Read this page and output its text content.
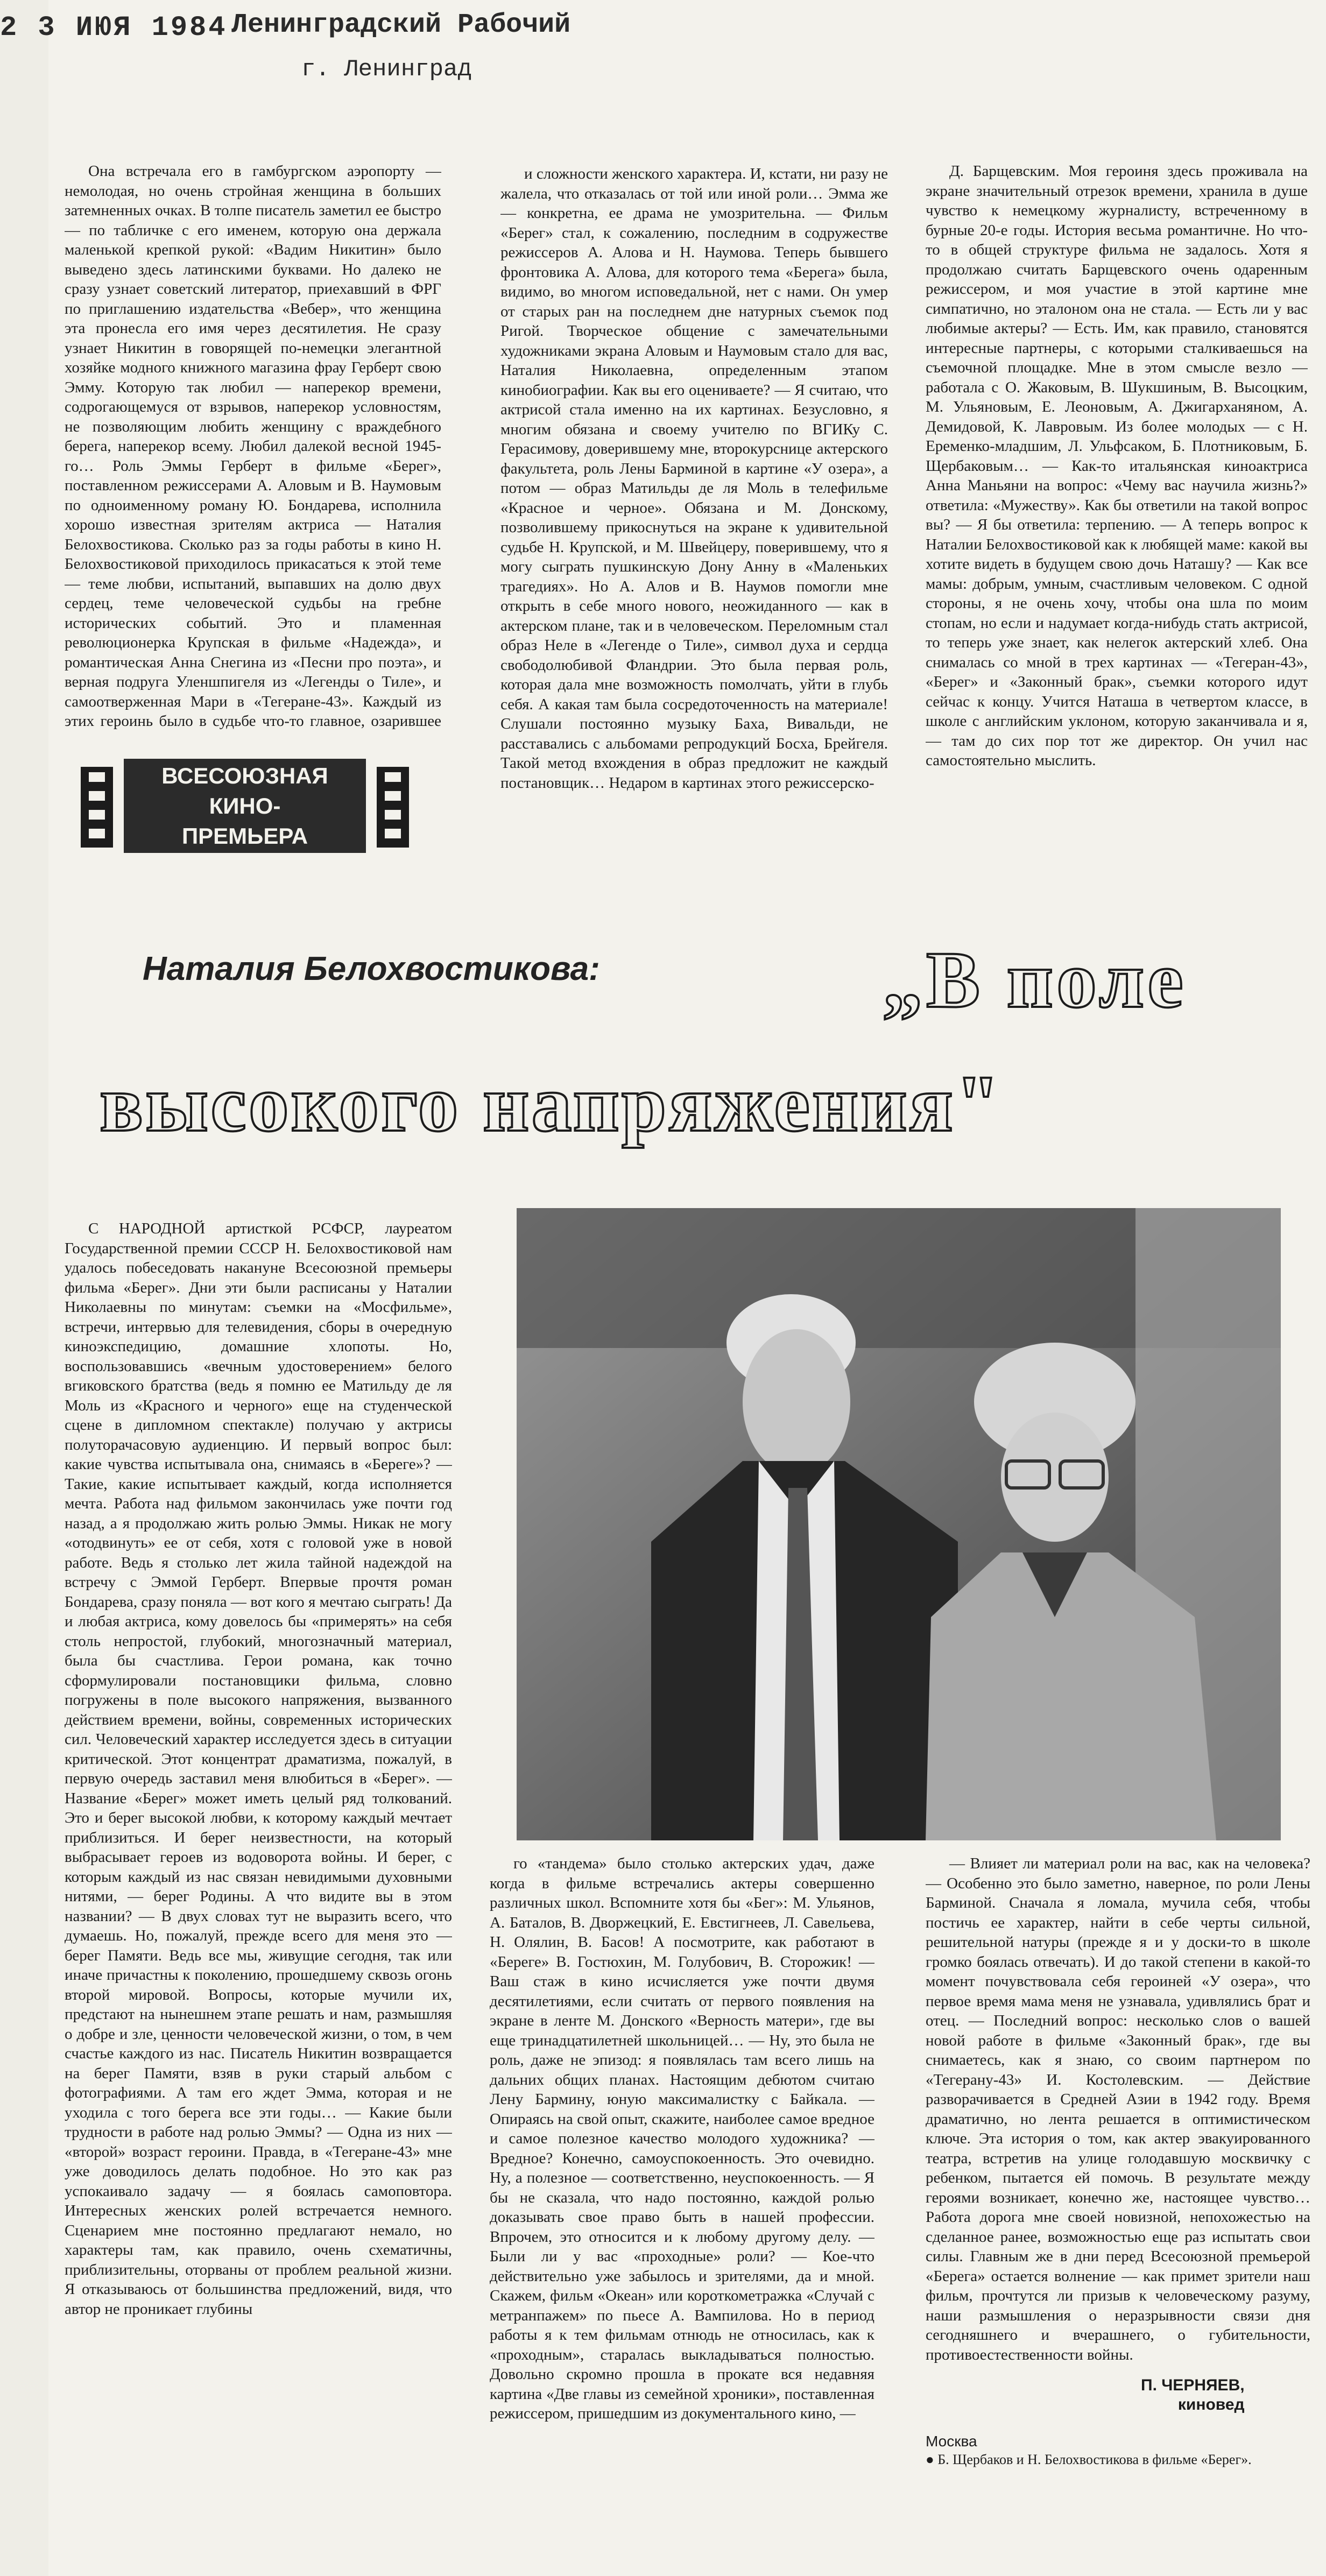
2 3 ИЮЯ 1984 Ленинградский Рабочий
г. Ленинград

Она встречала его в гамбургском аэропорту — немолодая, но очень стройная женщина в больших затемненных очках. В толпе писатель заметил ее быстро — по табличке с его именем, которую она держала маленькой крепкой рукой: «Вадим Никитин» было выведено здесь латинскими буквами. Но далеко не сразу узнает советский литератор, приехавший в ФРГ по приглашению издательства «Вебер», что женщина эта пронесла его имя через десятилетия. Не сразу узнает Никитин в говорящей по-немецки элегантной хозяйке модного книжного магазина фрау Герберт свою Эмму. Которую так любил — наперекор времени, содрогающемуся от взрывов, наперекор условностям, не позволяющим любить женщину с враждебного берега, наперекор всему. Любил далекой весной 1945-го… Роль Эммы Герберт в фильме «Берег», поставленном режиссерами А. Аловым и В. Наумовым по одноименному роману Ю. Бондарева, исполнила хорошо известная зрителям актриса — Наталия Белохвостикова. Сколько раз за годы работы в кино Н. Белохвостиковой приходилось прикасаться к этой теме — теме любви, испытаний, выпавших на долю двух сердец, теме человеческой судьбы на гребне исторических событий. Это и пламенная революционерка Крупская в фильме «Надежда», и романтическая Анна Снегина из «Песни про поэта», и верная подруга Уленшпигеля из «Легенды о Тиле», и самоотверженная Мари в «Тегеране-43». Каждый из этих героинь было в судьбе что-то главное, озарившее

и сложности женского характера. И, кстати, ни разу не жалела, что отказалась от той или иной роли… Эмма же — конкретна, ее драма не умозрительна. — Фильм «Берег» стал, к сожалению, последним в содружестве режиссеров А. Алова и Н. Наумова. Теперь бывшего фронтовика А. Алова, для которого тема «Берега» была, видимо, во многом исповедальной, нет с нами. Он умер от старых ран на последнем дне натурных съемок под Ригой. Творческое общение с замечательными художниками экрана Аловым и Наумовым стало для вас, Наталия Николаевна, определенным этапом кинобиографии. Как вы его оцениваете? — Я считаю, что актрисой стала именно на их картинах. Безусловно, я многим обязана и своему учителю по ВГИКу С. Герасимову, доверившему мне, второкурснице актерского факультета, роль Лены Барминой в картине «У озера», а потом — образ Матильды де ля Моль в телефильме «Красное и черное». Обязана и М. Донскому, позволившему прикоснуться на экране к удивительной судьбе Н. Крупской, и М. Швейцеру, поверившему, что я могу сыграть пушкинскую Дону Анну в «Маленьких трагедиях». Но А. Алов и В. Наумов помогли мне открыть в себе много нового, неожиданного — как в актерском плане, так и в человеческом. Переломным стал образ Неле в «Легенде о Тиле», символ духа и сердца свободолюбивой Фландрии. Это была первая роль, которая дала мне возможность помолчать, уйти в глубь себя. А какая там была сосредоточенность на материале! Слушали постоянно музыку Баха, Вивальди, не расставались с альбомами репродукций Босха, Брейгеля. Такой метод вхождения в образ предложит не каждый постановщик… Недаром в картинах этого режиссерско-

Д. Барщевским. Моя героиня здесь проживала на экране значительный отрезок времени, хранила в душе чувство к немецкому журналисту, встреченному в бурные 20-е годы. История весьма романтичне. Но что-то в общей структуре фильма не задалось. Хотя я продолжаю считать Барщевского очень одаренным режиссером, и моя участие в этой картине мне симпатично, но эталоном она не стала. — Есть ли у вас любимые актеры? — Есть. Им, как правило, становятся интересные партнеры, с которыми сталкиваешься на съемочной площадке. Мне в этом смысле везло — работала с О. Жаковым, В. Шукшиным, В. Высоцким, М. Ульяновым, Е. Леоновым, А. Джигарханяном, А. Демидовой, К. Лавровым. Из более молодых — с Н. Еременко-младшим, Л. Ульфсаком, Б. Плотниковым, Б. Щербаковым… — Как-то итальянская киноактриса Анна Маньяни на вопрос: «Чему вас научила жизнь?» ответила: «Мужеству». Как бы ответили на такой вопрос вы? — Я бы ответила: терпению. — А теперь вопрос к Наталии Белохвостиковой как к любящей маме: какой вы хотите видеть в будущем свою дочь Наташу? — Как все мамы: добрым, умным, счастливым человеком. С одной стороны, я не очень хочу, чтобы она шла по моим стопам, но если и надумает когда-нибудь стать актрисой, то теперь уже знает, как нелегок актерский хлеб. Она снималась со мной в трех картинах — «Тегеран-43», «Берег» и «Законный брак», съемки которого идут сейчас к концу. Учится Наташа в четвертом классе, в школе с английским уклоном, которую заканчивала и я, — там до сих пор тот же директор. Он учил нас самостоятельно мыслить.

ВСЕСОЮЗНАЯ
КИНО-
ПРЕМЬЕРА
Наталия Белохвостикова:	„В поле
высокого напряжения"

С НАРОДНОЙ артисткой РСФСР, лауреатом Государственной премии СССР Н. Белохвостиковой нам удалось побеседовать накануне Всесоюзной премьеры фильма «Берег». Дни эти были расписаны у Наталии Николаевны по минутам: съемки на «Мосфильме», встречи, интервью для телевидения, сборы в очередную киноэкспедицию, домашние хлопоты. Но, воспользовавшись «вечным удостоверением» белого вгиковского братства (ведь я помню ее Матильду де ля Моль из «Красного и черного» еще на студенческой сцене в дипломном спектакле) получаю у актрисы полуторачасовую аудиенцию. И первый вопрос был: какие чувства испытывала она, снимаясь в «Береге»? — Такие, какие испытывает каждый, когда исполняется мечта. Работа над фильмом закончилась уже почти год назад, а я продолжаю жить ролью Эммы. Никак не могу «отодвинуть» ее от себя, хотя с головой уже в новой работе. Ведь я столько лет жила тайной надеждой на встречу с Эммой Герберт. Впервые прочтя роман Бондарева, сразу поняла — вот кого я мечтаю сыграть! Да и любая актриса, кому довелось бы «примерять» на себя столь непростой, глубокий, многозначный материал, была бы счастлива. Герои романа, как точно сформулировали постановщики фильма, словно погружены в поле высокого напряжения, вызванного действием времени, войны, современных исторических сил. Человеческий характер исследуется здесь в ситуации критической. Этот концентрат драматизма, пожалуй, в первую очередь заставил меня влюбиться в «Берег». — Название «Берег» может иметь целый ряд толкований. Это и берег высокой любви, к которому каждый мечтает приблизиться. И берег неизвестности, на который выбрасывает героев из водоворота войны. И берег, с которым каждый из нас связан невидимыми духовными нитями, — берег Родины. А что видите вы в этом названии? — В двух словах тут не выразить всего, что думаешь. Но, пожалуй, прежде всего для меня это — берег Памяти. Ведь все мы, живущие сегодня, так или иначе причастны к поколению, прошедшему сквозь огонь второй мировой. Вопросы, которые мучили их, предстают на нынешнем этапе решать и нам, размышляя о добре и зле, ценности человеческой жизни, о том, в чем счастье каждого из нас. Писатель Никитин возвращается на берег Памяти, взяв в руки старый альбом с фотографиями. А там его ждет Эмма, которая и не уходила с того берега все эти годы… — Какие были трудности в работе над ролью Эммы? — Одна из них — «второй» возраст героини. Правда, в «Тегеране-43» мне уже доводилось делать подобное. Но это как раз успокаивало задачу — я боялась самоповтора. Интересных женских ролей встречается немного. Сценарием мне постоянно предлагают немало, но характеры там, как правило, очень схематичны, приблизительны, оторваны от проблем реальной жизни. Я отказываюсь от большинства предложений, видя, что автор не проникает глубины

го «тандема» было столько актерских удач, даже когда в фильме встречались актеры совершенно различных школ. Вспомните хотя бы «Бег»: М. Ульянов, А. Баталов, В. Дворжецкий, Е. Евстигнеев, Л. Савельева, Н. Олялин, В. Басов! А посмотрите, как работают в «Береге» В. Гостюхин, М. Голубович, В. Сторожик! — Ваш стаж в кино исчисляется уже почти двумя десятилетиями, если считать от первого появления на экране в ленте М. Донского «Верность матери», где вы еще тринадцатилетней школьницей… — Ну, это была не роль, даже не эпизод: я появлялась там всего лишь на дальних общих планах. Настоящим дебютом считаю Лену Бармину, юную максималистку с Байкала. — Опираясь на свой опыт, скажите, наиболее самое вредное и самое полезное качество молодого художника? — Вредное? Конечно, самоуспокоенность. Это очевидно. Ну, а полезное — соответственно, неуспокоенность. — Я бы не сказала, что надо постоянно, каждой ролью доказывать свое право быть в нашей профессии. Впрочем, это относится и к любому другому делу. — Были ли у вас «проходные» роли? — Кое-что действительно уже забылось и зрителями, да и мной. Скажем, фильм «Океан» или короткометражка «Случай с метранпажем» по пьесе А. Вампилова. Но в период работы я к тем фильмам отнюдь не относилась, как к «проходным», старалась выкладываться полностью. Довольно скромно прошла в прокате вся недавняя картина «Две главы из семейной хроники», поставленная режиссером, пришедшим из документального кино, —

— Влияет ли материал роли на вас, как на человека? — Особенно это было заметно, наверное, по роли Лены Барминой. Сначала я ломала, мучила себя, чтобы постичь ее характер, найти в себе черты сильной, решительной натуры (прежде я и у доски-то в школе громко боялась отвечать). И до такой степени в какой-то момент почувствовала себя героиней «У озера», что первое время мама меня не узнавала, удивлялись брат и отец. — Последний вопрос: несколько слов о вашей новой работе в фильме «Законный брак», где вы снимаетесь, как я знаю, со своим партнером по «Тегерану-43» И. Костолевским. — Действие разворачивается в Средней Азии в 1942 году. Время драматично, но лента решается в оптимистическом ключе. Эта история о том, как актер эвакуированного театра, встретив на улице голодавшую москвичку с ребенком, пытается ей помочь. В результате между героями возникает, конечно же, настоящее чувство… Работа дорога мне своей новизной, непохожестью на сделанное ранее, возможностью еще раз испытать свои силы. Главным же в дни перед Всесоюзной премьерой «Берега» остается волнение — как примет зрители наш фильм, прочтутся ли призыв к человеческому разуму, наши размышления о неразрывности связи дня сегодняшнего и вчерашнего, о губительности, противоестественности войны.

П. ЧЕРНЯЕВ,
киновед
Москва
● Б. Щербаков и Н. Белохвостикова в фильме «Берег».
